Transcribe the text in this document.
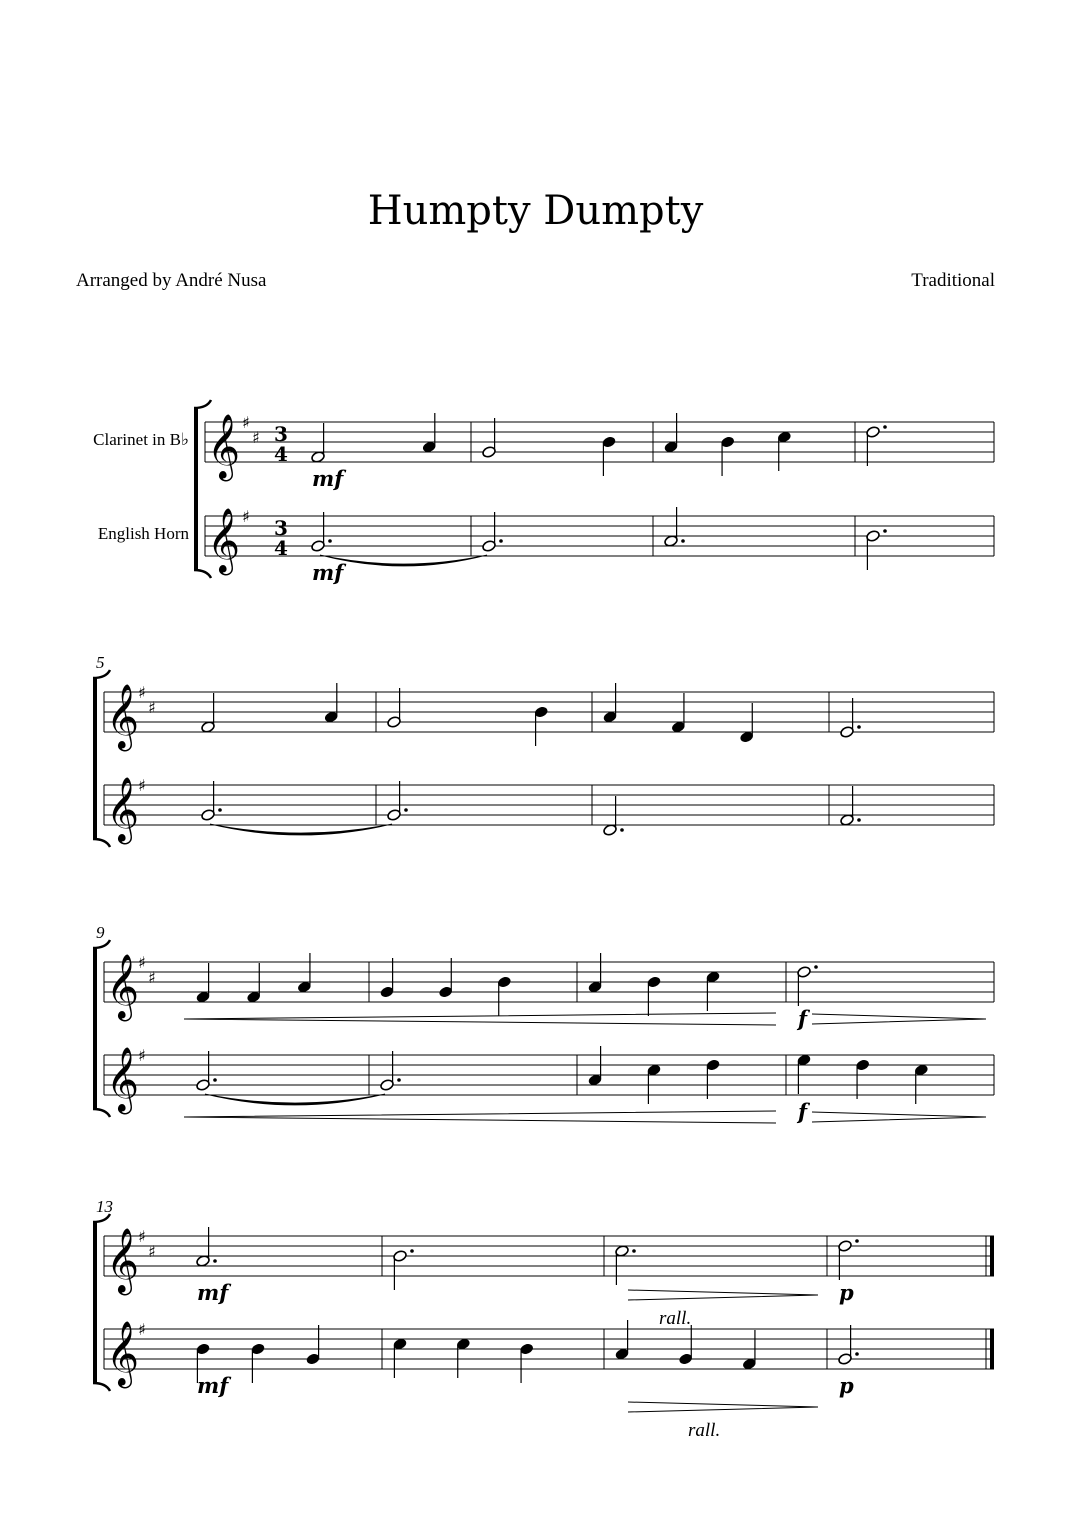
Humpty Dumpty
Arranged by André Nusa	Traditional
Clarinet in B♭
English Horn
𝄞 ♯
♯ 3
4
𝄞 ♯ 3
4
mf
mf
𝄞
♯
♯
𝄞
♯
5
𝄞
♯
♯
𝄞
♯
9
f
f
𝄞
♯
♯
𝄞
♯
13
mf
mf
p
p
rall.
rall.
